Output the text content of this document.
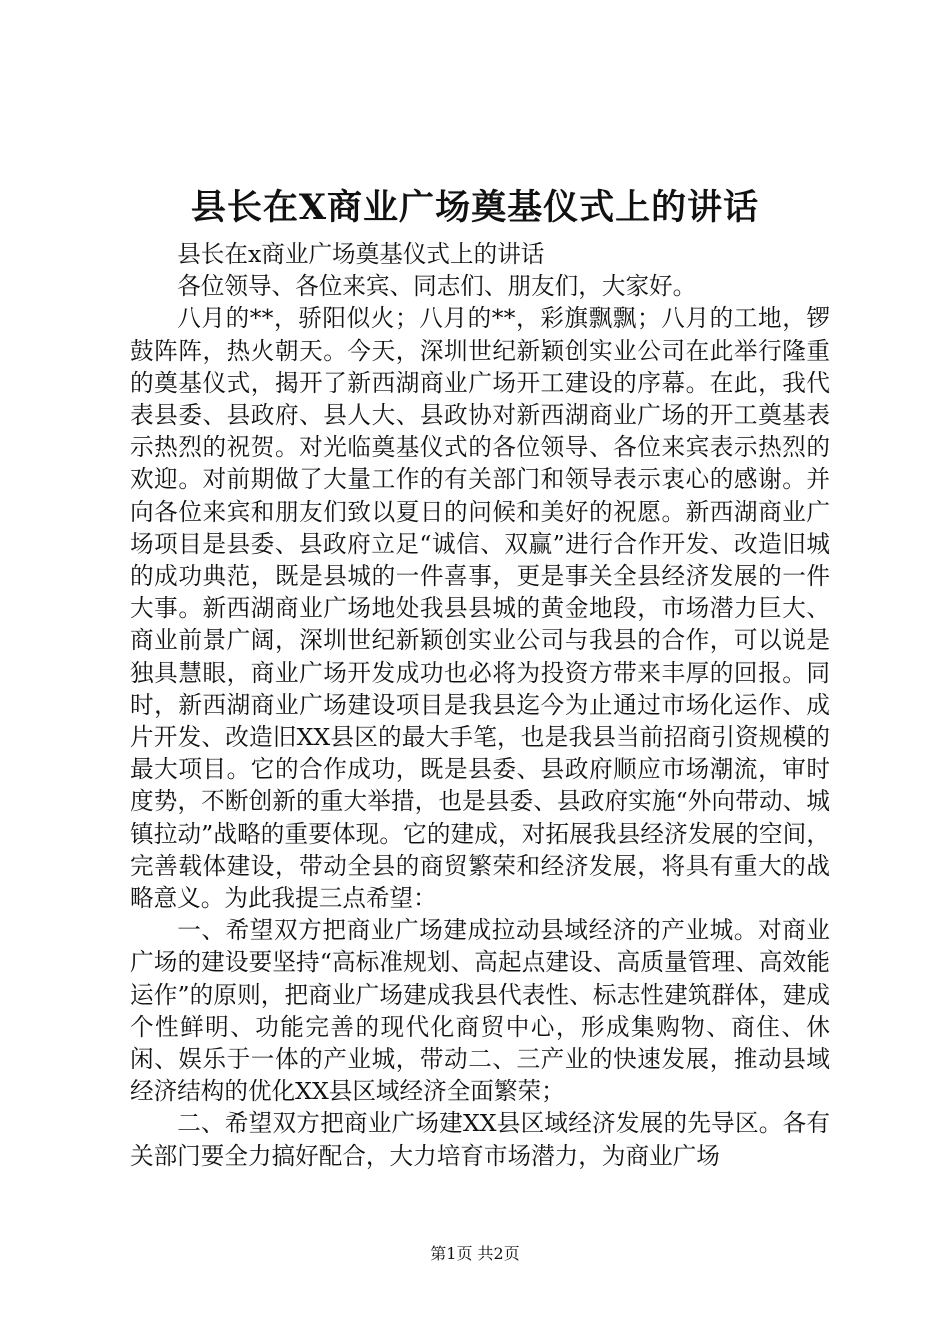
县长在X商业广场奠基仪式上的讲话

县长在x商业广场奠基仪式上的讲话

各位领导、各位来宾、同志们、朋友们，大家好。

八月的**，骄阳似火；八月的**，彩旗飘飘；八月的工地，锣鼓阵阵，热火朝天。今天，深圳世纪新颖创实业公司在此举行隆重的奠基仪式，揭开了新西湖商业广场开工建设的序幕。在此，我代表县委、县政府、县人大、县政协对新西湖商业广场的开工奠基表示热烈的祝贺。对光临奠基仪式的各位领导、各位来宾表示热烈的欢迎。对前期做了大量工作的有关部门和领导表示衷心的感谢。并向各位来宾和朋友们致以夏日的问候和美好的祝愿。新西湖商业广场项目是县委、县政府立足“诚信、双赢”进行合作开发、改造旧城的成功典范，既是县城的一件喜事，更是事关全县经济发展的一件大事。新西湖商业广场地处我县县城的黄金地段，市场潜力巨大、商业前景广阔，深圳世纪新颖创实业公司与我县的合作，可以说是独具慧眼，商业广场开发成功也必将为投资方带来丰厚的回报。同时，新西湖商业广场建设项目是我县迄今为止通过市场化运作、成片开发、改造旧XX县区的最大手笔，也是我县当前招商引资规模的最大项目。它的合作成功，既是县委、县政府顺应市场潮流，审时度势，不断创新的重大举措，也是县委、县政府实施“外向带动、城镇拉动”战略的重要体现。它的建成，对拓展我县经济发展的空间，完善载体建设，带动全县的商贸繁荣和经济发展，将具有重大的战略意义。为此我提三点希望：

一、希望双方把商业广场建成拉动县域经济的产业城。对商业广场的建设要坚持“高标准规划、高起点建设、高质量管理、高效能运作”的原则，把商业广场建成我县代表性、标志性建筑群体，建成个性鲜明、功能完善的现代化商贸中心，形成集购物、商住、休闲、娱乐于一体的产业城，带动二、三产业的快速发展，推动县域经济结构的优化XX县区域经济全面繁荣；

二、希望双方把商业广场建XX县区域经济发展的先导区。各有关部门要全力搞好配合，大力培育市场潜力，为商业广场

第1页 共2页
